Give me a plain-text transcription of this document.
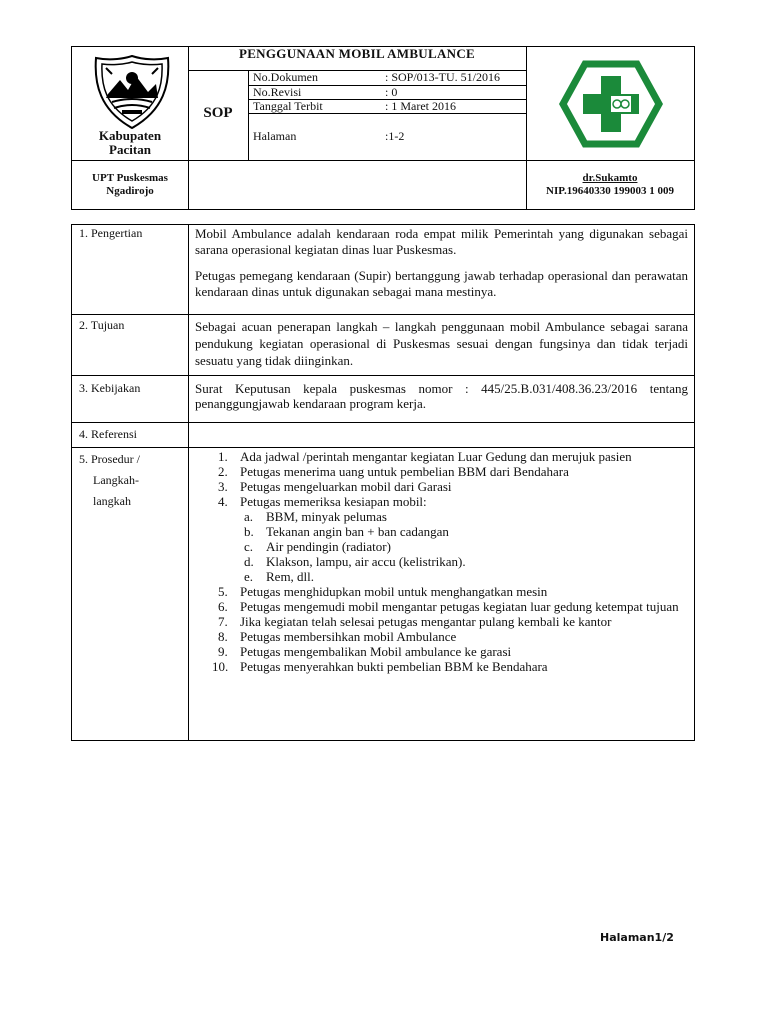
Kabupaten
Pacitan
PENGGUNAAN MOBIL AMBULANCE
SOP
No.Dokumen	: SOP/013-TU. 51/2016
No.Revisi	: 0
Tanggal Terbit	: 1 Maret 2016
Halaman	:1-2
UPT Puskesmas
Ngadirojo
dr.Sukamto
NIP.19640330 199003 1 009
1. Pengertian	Mobil Ambulance adalah kendaraan roda empat milik Pemerintah yang digunakan sebagai sarana operasional kegiatan dinas luar Puskesmas.
Petugas pemegang kendaraan (Supir) bertanggung jawab terhadap operasional dan perawatan kendaraan dinas untuk digunakan sebagai mana mestinya.
2. Tujuan	Sebagai acuan penerapan langkah – langkah penggunaan mobil Ambulance sebagai sarana pendukung kegiatan operasional di Puskesmas sesuai dengan fungsinya dan tidak terjadi sesuatu yang tidak diinginkan.
3. Kebijakan	Surat Keputusan kepala puskesmas nomor : 445/25.B.031/408.36.23/2016 tentang penanggungjawab kendaraan program kerja.
4. Referensi
5. Prosedur /
Langkah-
langkah
1. Ada jadwal /perintah mengantar kegiatan Luar Gedung dan merujuk pasien
2. Petugas menerima uang untuk pembelian BBM dari Bendahara
3. Petugas mengeluarkan mobil dari Garasi
4. Petugas memeriksa kesiapan mobil:
a. BBM, minyak pelumas
b. Tekanan angin ban + ban cadangan
c. Air pendingin (radiator)
d. Klakson, lampu, air accu (kelistrikan).
e. Rem, dll.
5. Petugas menghidupkan mobil untuk menghangatkan mesin
6. Petugas mengemudi mobil mengantar petugas kegiatan luar gedung ketempat tujuan
7. Jika kegiatan telah selesai petugas mengantar pulang kembali ke kantor
8. Petugas membersihkan mobil Ambulance
9. Petugas mengembalikan Mobil ambulance ke garasi
10. Petugas menyerahkan bukti pembelian BBM ke Bendahara
Halaman1/2
